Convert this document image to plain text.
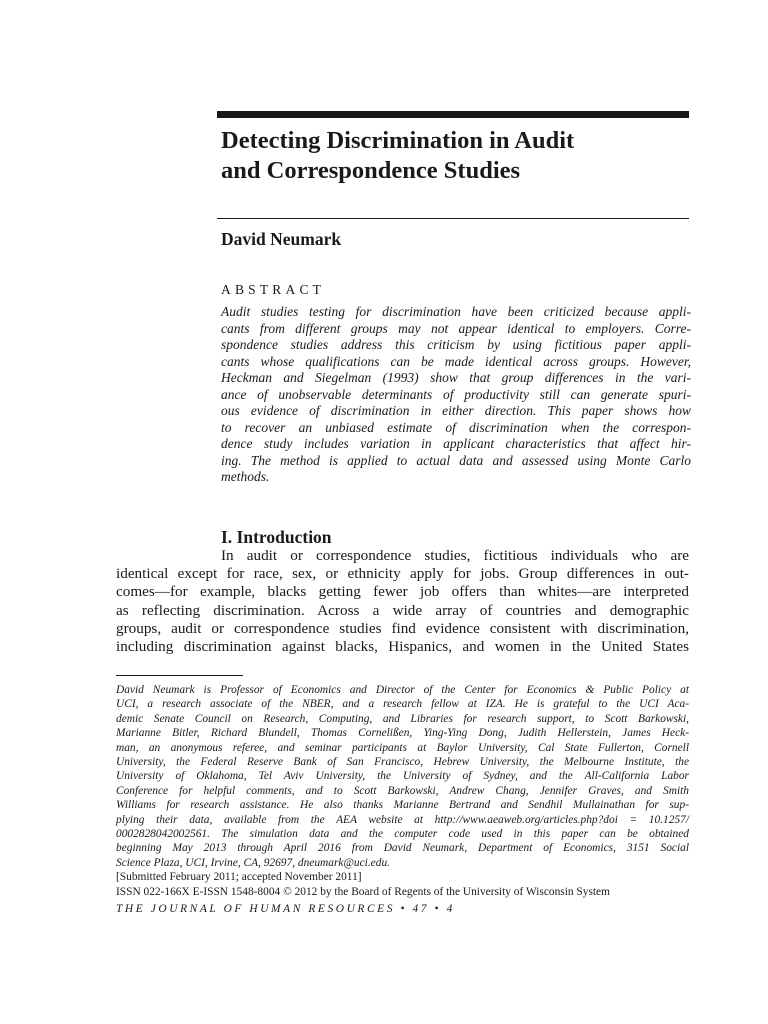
Detecting Discrimination in Audit
and Correspondence Studies
David Neumark
ABSTRACT
Audit studies testing for discrimination have been criticized because appli-
cants from different groups may not appear identical to employers. Corre-
spondence studies address this criticism by using fictitious paper appli-
cants whose qualifications can be made identical across groups. However,
Heckman and Siegelman (1993) show that group differences in the vari-
ance of unobservable determinants of productivity still can generate spuri-
ous evidence of discrimination in either direction. This paper shows how
to recover an unbiased estimate of discrimination when the correspon-
dence study includes variation in applicant characteristics that affect hir-
ing. The method is applied to actual data and assessed using Monte Carlo
methods.
I. Introduction
In audit or correspondence studies, fictitious individuals who are
identical except for race, sex, or ethnicity apply for jobs. Group differences in out-
comes—for example, blacks getting fewer job offers than whites—are interpreted
as reflecting discrimination. Across a wide array of countries and demographic
groups, audit or correspondence studies find evidence consistent with discrimination,
including discrimination against blacks, Hispanics, and women in the United States
David Neumark is Professor of Economics and Director of the Center for Economics & Public Policy at
UCI, a research associate of the NBER, and a research fellow at IZA. He is grateful to the UCI Aca-
demic Senate Council on Research, Computing, and Libraries for research support, to Scott Barkowski,
Marianne Bitler, Richard Blundell, Thomas Cornelißen, Ying-Ying Dong, Judith Hellerstein, James Heck-
man, an anonymous referee, and seminar participants at Baylor University, Cal State Fullerton, Cornell
University, the Federal Reserve Bank of San Francisco, Hebrew University, the Melbourne Institute, the
University of Oklahoma, Tel Aviv University, the University of Sydney, and the All-California Labor
Conference for helpful comments, and to Scott Barkowski, Andrew Chang, Jennifer Graves, and Smith
Williams for research assistance. He also thanks Marianne Bertrand and Sendhil Mullainathan for sup-
plying their data, available from the AEA website at http://www.aeaweb.org/articles.php?doi = 10.1257/
0002828042002561. The simulation data and the computer code used in this paper can be obtained
beginning May 2013 through April 2016 from David Neumark, Department of Economics, 3151 Social
Science Plaza, UCI, Irvine, CA, 92697, dneumark@uci.edu.
[Submitted February 2011; accepted November 2011]
ISSN 022-166X E-ISSN 1548-8004 © 2012 by the Board of Regents of the University of Wisconsin System
THE JOURNAL OF HUMAN RESOURCES • 47 • 4
